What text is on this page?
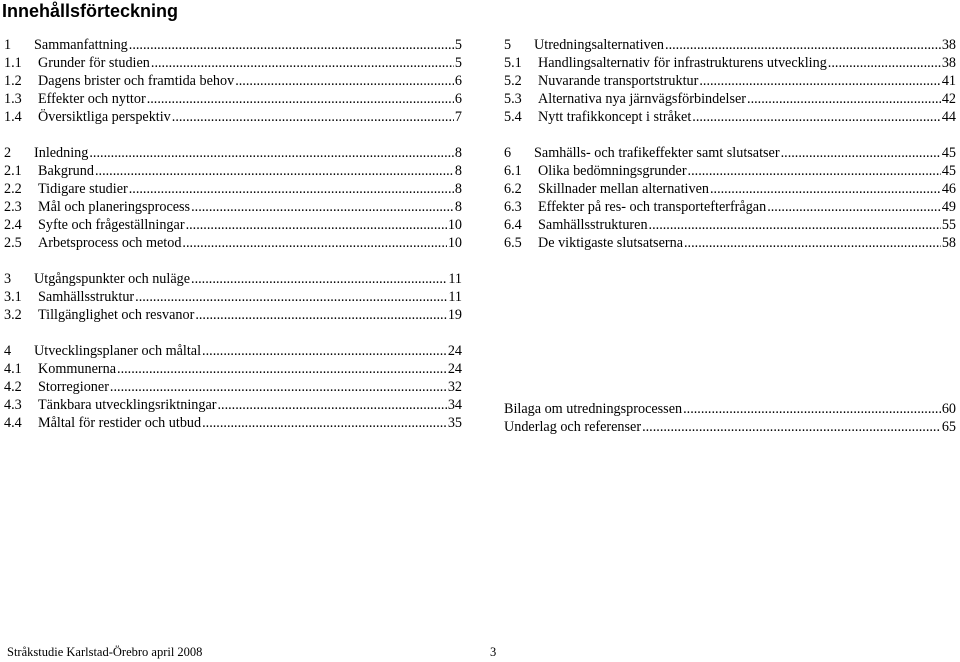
Innehållsförteckning
1	Sammanfattning .....	5
1.1	Grunder för studien .....	5
1.2	Dagens brister och framtida behov .....	6
1.3	Effekter och nyttor .....	6
1.4	Översiktliga perspektiv .....	7
2	Inledning .....	8
2.1	Bakgrund .....	8
2.2	Tidigare studier .....	8
2.3	Mål och planeringsprocess .....	8
2.4	Syfte och frågeställningar .....	10
2.5	Arbetsprocess och metod .....	10
3	Utgångspunkter och nuläge .....	11
3.1	Samhällsstruktur .....	11
3.2	Tillgänglighet och resvanor .....	19
4	Utvecklingsplaner och måltal .....	24
4.1	Kommunerna .....	24
4.2	Storregioner .....	32
4.3	Tänkbara utvecklingsriktningar .....	34
4.4	Måltal för restider och utbud .....	35
5	Utredningsalternativen .....	38
5.1	Handlingsalternativ för infrastrukturens utveckling .....	38
5.2	Nuvarande transportstruktur .....	41
5.3	Alternativa nya järnvägsförbindelser .....	42
5.4	Nytt trafikkoncept i stråket .....	44
6	Samhälls- och trafikeffekter samt slutsatser .....	45
6.1	Olika bedömningsgrunder .....	45
6.2	Skillnader mellan alternativen .....	46
6.3	Effekter på res- och transportefterfrågan .....	49
6.4	Samhällsstrukturen .....	55
6.5	De viktigaste slutsatserna .....	58
Bilaga om utredningsprocessen .....	60
Underlag och referenser .....	65
Stråkstudie Karlstad-Örebro april 2008	3
